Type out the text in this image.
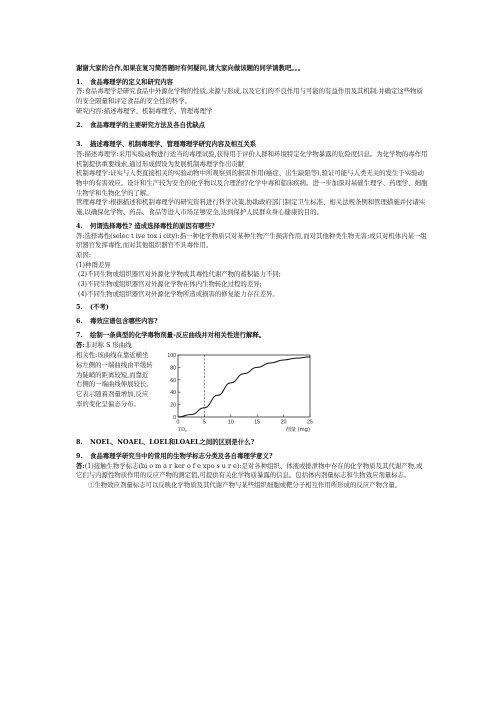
谢谢大家的合作,如果在复习简答题时有何疑问,请大家向做该题的同学请教吧。。。

1. 食品毒理学的定义和研究内容

答:食品毒理学是研究食品中外源化学物的性质,来源与形成,以及它们的不良作用与可能的有益作用及其机制,并确定这些物质的安全限量和评定食品的安全性的科学。

研究内容:描述毒理学、机制毒理学、管理毒理学

2. 食品毒理学的主要研究方法及各自优缺点

3. 描述毒理学、机制毒理学、管理毒理学研究内容及相互关系

答:描述毒理学:采用实验动物进行适当的毒理试验,获得用于评价人群和环境特定化学物暴露的危险度信息。为化学物的毒作用机制提供重要线索,通过形成假设为发展机制毒理学作出贡献

机制毒理学:证实与人类直接相关的实验动物中所观察到的损害作用(癌症、出生缺陷等),验证可能与人类无关的发生于实验动物中的有害效应。设计和生产较为安全的化学物以及合理治疗化学中毒和临床疾病。进一步加深对基础生理学、药理学、细胞生物学和生物化学的了解。

管理毒理学:根据描述和机制毒理学的研究资料进行科学决策,协助政府部门制定卫生标准、相关法规条例和管理措施并付诸实施,以确保化学物、药品、食品等进入市场足够安全,达到保护人民群众身心健康的目的。

4. 何谓选择毒性? 造成选择毒性的原因有哪些?

答:选择毒性(selec t ive tox i city):指一种化学物质只对某种生物产生损害作用,而对其他种类生物无害;或只对机体内某一组织器官发挥毒性,而对其他组织器官不具毒作用。

原因:

(1)种群差异

(2)不同生物或组织器官对外源化学物或其毒性代谢产物的蓄积能力不同;

(3)不同生物或组织器官对外源化学物在体内生物转化过程的差异;

(4)不同生物或组织器官对外源化学物所造成损害的修复能力存在差异。

5. (不考)

6. 毒效应谱包含哪些内容?

7. 绘制一条典型的化学毒物剂量-反应曲线并对相关性进行解释。

答:非对称 S 形曲线

相关性:该曲线在靠近横坐标左侧的一端曲线由平缓转为陡峭的距离较短,而靠近右侧的一端曲线伸展较长,它表示随着剂量增加,反应率的变化呈偏态分布。

0
20
40
60
80
100
0	5	10	15	20	25
TD₀	剂量 (mg)

8. NOEL、NOAEL、LOEL和LOAEL之间的区别是什么?

9. 食品毒理学研究当中的常用的生物学标志分类及各自毒理学意义?

答:(1)接触生物学标志(bi o m a r ker o f e xpo s u r e):是对各种组织、体液或排泄物中存在的化学物质及其代谢产物,或它们与内源性物质作用的反应产物的测定值,可提供有关化学物质暴露的信息。包括体内剂量标志和生物效应剂量标志。

①生物效应剂量标志可以反映化学物质及其代谢产物与某些组织细胞或靶分子相互作用所形成的反应产物含量。
